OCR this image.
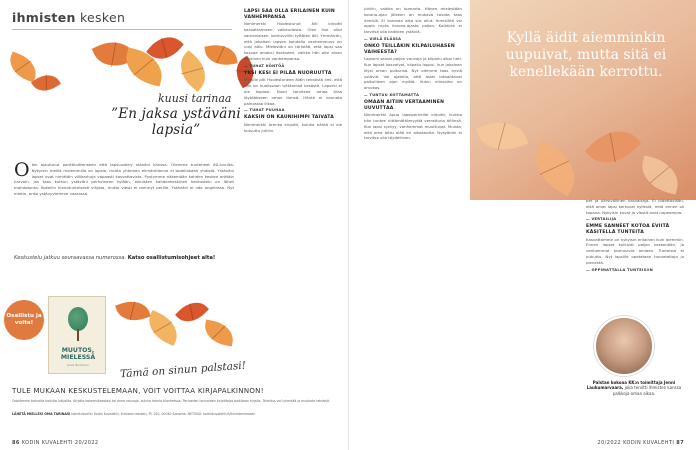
ihmisten kesken
kuusi tarinaa
”En jaksa ystäväni lapsia”
O len ajautunut parittiloittenseen että lapsuudeny stäväni kanssa. Olemme tunteneet 80-luvulta. Nykyisin meillä molemmilla on lapsia, mutta yhteinen elimäntilanne ei todellakaan yhdistä. Ystäväni lapset ovat nimittäin villikarhuja vapaasti kasvattavista. Pystymme näkemään kahden kesken erittäin harvoin. Jos taas kutsun ystäväni perheineen kylään, aikuisten kahdenkeskinen keskustelu on lähes mahdotonta. Kokeilin hienotunteisesti vihjata, mutta viesti ei mennyt perille. Ystäväni ei näe ongelmaa. Nyt mietin, onko ystävyytemme vaarassa.
Keskustelu jatkuu seuraavassa numerossa. Katso osallistumisohjeet alta!
Osallistu ja voita!
MUUTOS, MIELESSÄ
Jenni Tuominen	Tämä on sinun palstasi!
TULE MUKAAN KESKUSTELEMAAN, VOIT VOITTAA KIRJAPALKINNON!
Odotämme tarinoita kaikilta lukijoilta. Kirjoita kokemuksestasi tai anna neuvoja, kuinka toimia tilanteessa. Parhaiden tarinoiden kirjoittajat palkitaan kirjalla. Toimitus voi lyhentää ja muokata tekstejä.
LÄHETÄ MIELLESI OMA TARINASI toimitukselle: Kodin Kuvalehti, Ihmisten kesken, PL 100, 00040 Sanoma. NETISSÄ: kodinkuvalehti.fi/ihmistenkesken
86 KODIN KUVALEHTI 20/2022	20/2022 KODIN KUVALEHTI 87
LAPSI SAA OLLA ERILAINEN KUIN VANHEMPANSA
Nimimerkki Huolestunut äiti kirjoitti kasvattamisen vaikeudesta. Olen itse ollut samanlaisen, kohtuuvillin tyttären äiti. Ymmärrän, että jokaisen lapsen kohdalla vanhemmuus on uusi alku. Mielestäni on tärkeää, että lapsi saa kasvaa omaksi itsekseen, vaikka hän olisi aivan erilainen kuin vanhempansa.
— TUHAT KÖNTÖÄ
YKSI KESI EI PILÄÄ NUORUUTTA
Minulle piti Huolestuneen äidin tekstistä ilmi, että hän on huolissaan tyttärensä kesästä. Lapsesi ei ole kopiosi. Nuori tarvitsee omaa tilaa löytääkseen oman tiensä. Häntä ei kannata painostaa liikaa.
— TUHAT PUUHAA
KAKSIN ON KAUNIHIMPI TAIVATA
Nimimerkki Arenka kirjoitti, kuinka häntä ei ole kutsuttu juhliin.
juhliin, vaikka on kumarta. Hänen mielestään korona-ajan jälkeen on mukava tavata taas ihmisiä. El koronaa aika siis ollut. Ihmisilttä voi oppia myös korona-ajasta paljon. Kaikkien ei tarvitse olla kaikkien ystäviä.
— VIELÄ ELÄSSA
ONKO TEILLÄKIN KILPAILUHASEN VAIHEESTA?
Lapseni saivat paljon vauvoja ja kilpailu alkoi heti. Kun lapset kasvoivat, kilpailu loppui, kun jokainen löysi oman polkunsa. Nyt olemme taas hyviä ystäviä. Voi ajatella, että asiat loksahtavat paikoilleen ajan myötä. Kukin elinvaihe on arvokas.
— TUNTUU KOTTAMATTA
OMAAN AITIIN VERTAAMINEN UUVUTTAA
Nimimerkki Apua lapsiperheille kirjoitti, kuinka hän tuntee riittämättömyyttä verrattuna äitiinsä. Kun lapsi syntyy, vanhemmat muuttuvat. Muista, että oma äitisi elää eri aikakautta. Nykyäidin ei tarvitse olla täydellinen.
Kyllä äidit aiemminkin uupuivat, mutta sitä ei kenellekään kerrottu.
pet ja kärsivällinen kasvattaja. Ei pidettäviään, että omat lapsi kertovat kyllesiä, mitä ennen oli tapana. Nykyisin kuvat ja viestit ovat nopeampia.
— VERTAILIJA
EMME SANNEET KOTOA EVIITÄ KÄSITELLÄ TUNTEITA
Kasvattamme on nykyisin erilainen kuin aiemmin. Ennen lapset kulkivat paljon keskenään, ja vanhemmat touhusivat omiaan. Tunteista ei puhuttu. Nyt lapsille opetetaan tunnetaitoja jo pienestä.
— OPPIMATTALLA TUNTEISIIN
Palstan kokoaa KK:n toimittaja Jenni Laukumarvaara, joka tervitti ihmisten kanssa palkkoja omaa aikaa.
